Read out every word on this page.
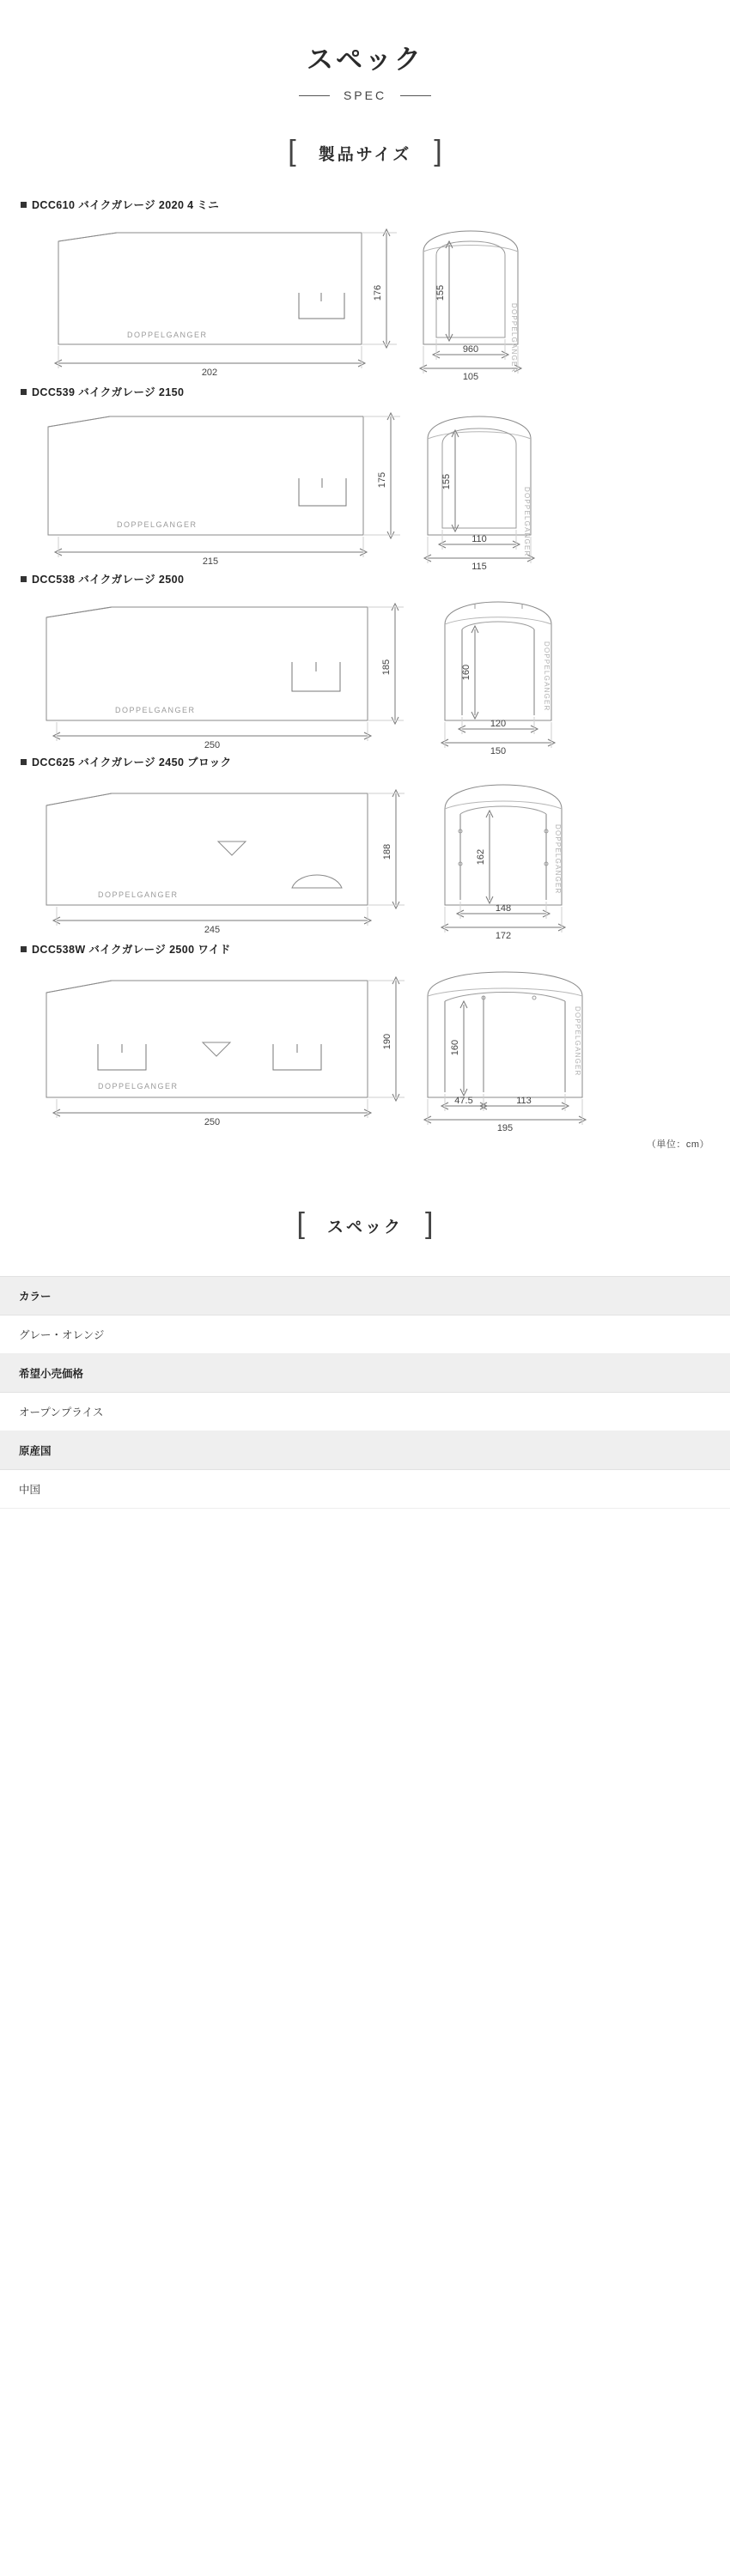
スペック
SPEC
[ 製品サイズ ]
DCC610 バイクガレージ 2020 4 ミニ
176
202
155
960
105
DOPPELGANGER	DOPPELGANGER
DCC539 バイクガレージ 2150
175
215
155
110
115
DOPPELGANGER	DOPPELGANGER
DCC538 バイクガレージ 2500
185
250
160
120
150
DOPPELGANGER	DOPPELGANGER
DCC625 バイクガレージ 2450 ブロック
188
245
162
148
172
DOPPELGANGER
DOPPELGANGER
DCC538W バイクガレージ 2500 ワイド
190
250
160
47.5	113
195
DOPPELGANGER
DOPPELGANGER
（単位：cm）
[ スペック ]
カラー
グレー・オレンジ
希望小売価格
オープンプライス
原産国
中国
